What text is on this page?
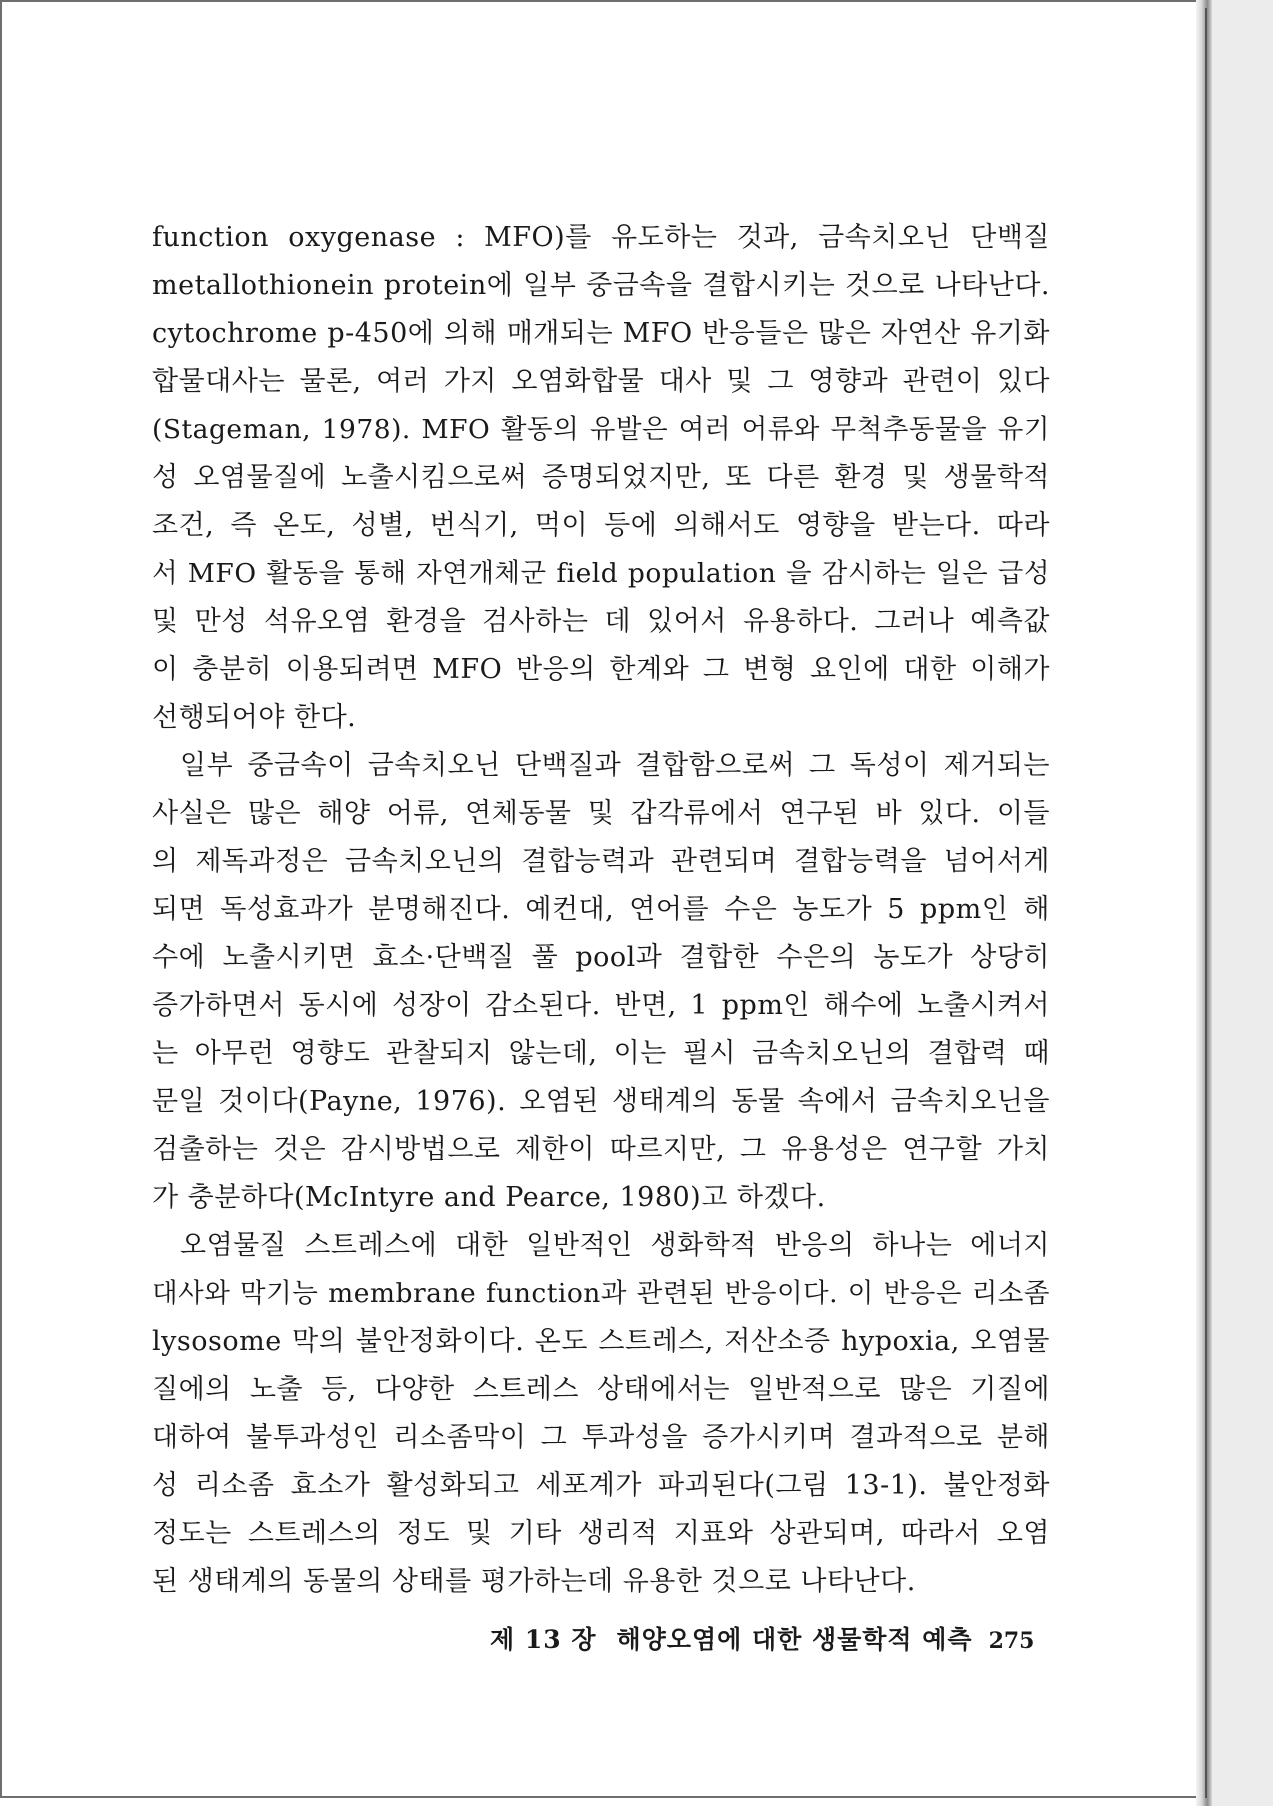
function oxygenase : MFO)를 유도하는 것과, 금속치오닌 단백질
metallothionein protein에 일부 중금속을 결합시키는 것으로 나타난다.
cytochrome p-450에 의해 매개되는 MFO 반응들은 많은 자연산 유기화
합물대사는 물론, 여러 가지 오염화합물 대사 및 그 영향과 관련이 있다
(Stageman, 1978). MFO 활동의 유발은 여러 어류와 무척추동물을 유기
성 오염물질에 노출시킴으로써 증명되었지만, 또 다른 환경 및 생물학적
조건, 즉 온도, 성별, 번식기, 먹이 등에 의해서도 영향을 받는다. 따라
서 MFO 활동을 통해 자연개체군 field population 을 감시하는 일은 급성
및 만성 석유오염 환경을 검사하는 데 있어서 유용하다. 그러나 예측값
이 충분히 이용되려면 MFO 반응의 한계와 그 변형 요인에 대한 이해가
선행되어야 한다.
일부 중금속이 금속치오닌 단백질과 결합함으로써 그 독성이 제거되는
사실은 많은 해양 어류, 연체동물 및 갑각류에서 연구된 바 있다. 이들
의 제독과정은 금속치오닌의 결합능력과 관련되며 결합능력을 넘어서게
되면 독성효과가 분명해진다. 예컨대, 연어를 수은 농도가 5 ppm인 해
수에 노출시키면 효소·단백질 풀 pool과 결합한 수은의 농도가 상당히
증가하면서 동시에 성장이 감소된다. 반면, 1 ppm인 해수에 노출시켜서
는 아무런 영향도 관찰되지 않는데, 이는 필시 금속치오닌의 결합력 때
문일 것이다(Payne, 1976). 오염된 생태계의 동물 속에서 금속치오닌을
검출하는 것은 감시방법으로 제한이 따르지만, 그 유용성은 연구할 가치
가 충분하다(McIntyre and Pearce, 1980)고 하겠다.
오염물질 스트레스에 대한 일반적인 생화학적 반응의 하나는 에너지
대사와 막기능 membrane function과 관련된 반응이다. 이 반응은 리소좀
lysosome 막의 불안정화이다. 온도 스트레스, 저산소증 hypoxia, 오염물
질에의 노출 등, 다양한 스트레스 상태에서는 일반적으로 많은 기질에
대하여 불투과성인 리소좀막이 그 투과성을 증가시키며 결과적으로 분해
성 리소좀 효소가 활성화되고 세포계가 파괴된다(그림 13-1). 불안정화
정도는 스트레스의 정도 및 기타 생리적 지표와 상관되며, 따라서 오염
된 생태계의 동물의 상태를 평가하는데 유용한 것으로 나타난다.
제 13 장 해양오염에 대한 생물학적 예측 275
